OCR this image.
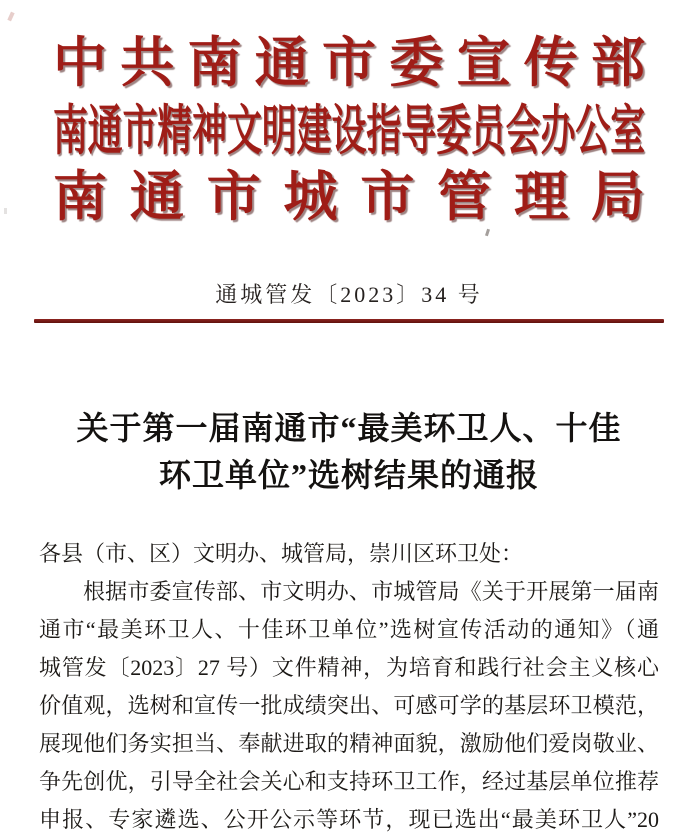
中 共 南 通 市 委 宣 传 部
南通市精神文明建设指导委员会办公室
南 通 市 城 市 管 理 局
通城管发〔2023〕34 号
关于第一届南通市“最美环卫人、十佳
环卫单位”选树结果的通报
各县（市、区）文明办、城管局，崇川区环卫处：
根据市委宣传部、市文明办、市城管局《关于开展第一届南
通市“最美环卫人、十佳环卫单位”选树宣传活动的通知》（通
城管发〔2023〕27 号）文件精神，为培育和践行社会主义核心
价值观，选树和宣传一批成绩突出、可感可学的基层环卫模范，
展现他们务实担当、奉献进取的精神面貌，激励他们爱岗敬业、
争先创优，引导全社会关心和支持环卫工作，经过基层单位推荐
申报、专家遴选、公开公示等环节，现已选出“最美环卫人”20
